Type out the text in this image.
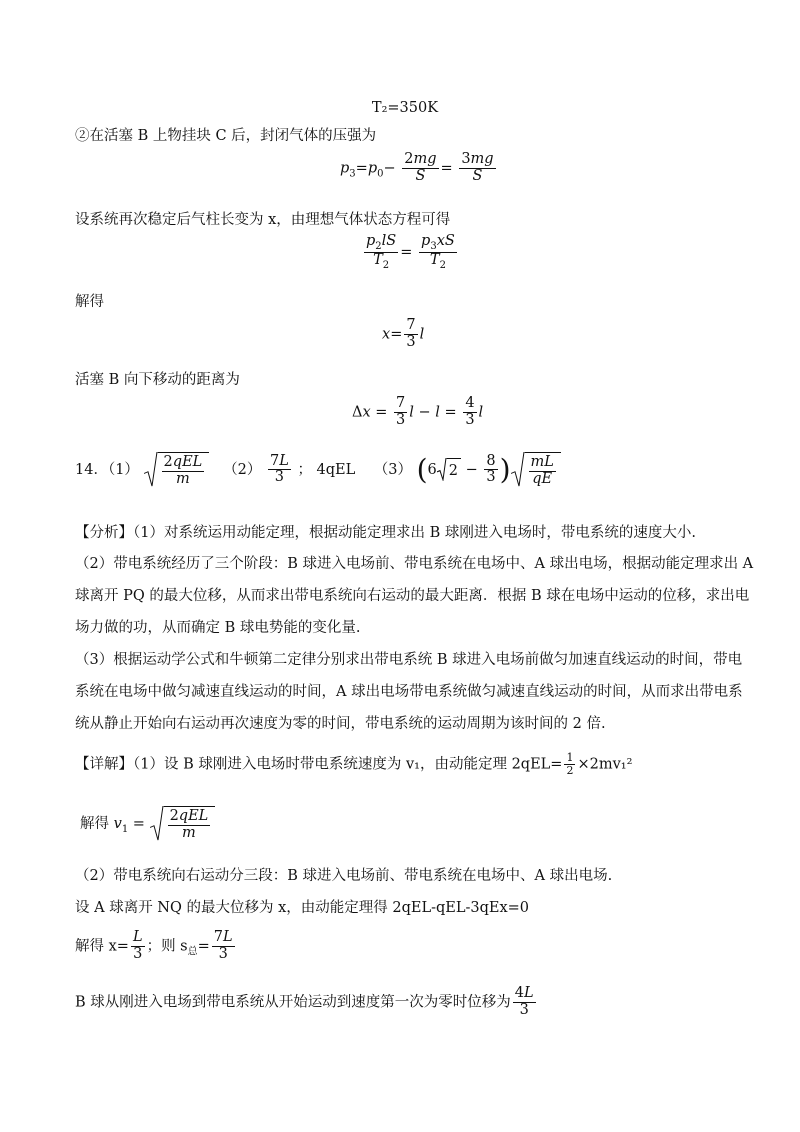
T₂=350K
②在活塞 B 上物挂块 C 后，封闭气体的压强为
$p_3=p_0- \frac{2mg}{S} = \frac{3mg}{S}$
设系统再次稳定后气柱长变为 x，由理想气体状态方程可得
$\frac{p_2lS}{T_2} = \frac{p_3xS}{T_2}$
解得
$x= \frac{7}{3}$ l
活塞 B 向下移动的距离为
$\Delta x = \frac{7}{3}$ $l - l = \frac{4}{3}$ l
14．$(1) \frac{\text{2qEL}}{m} (2) \frac{7L}{3}$ ； 4qEL （3） (6 $2 - \frac{8}{3}$ ) $\frac{mL}{qE}$
【分析】（1）对系统运用动能定理，根据动能定理求出 B 球刚进入电场时，带电系统的速度大小.
（2）带电系统经历了三个阶段：B 球进入电场前、带电系统在电场中、A 球出电场，根据动能定理求出 A
球离开 PQ 的最大位移，从而求出带电系统向右运动的最大距离．根据 B 球在电场中运动的位移，求出电
场力做的功，从而确定 B 球电势能的变化量.
（3）根据运动学公式和牛顿第二定律分别求出带电系统 B 球进入电场前做匀加速直线运动的时间，带电
系统在电场中做匀减速直线运动的时间，A 球出电场带电系统做匀减速直线运动的时间，从而求出带电系
统从静止开始向右运动再次速度为零的时间，带电系统的运动周期为该时间的 2 倍.
【详解】（1）设 B 球刚进入电场时带电系统速度为 v₁，由动能定理 $2qEL= \frac{1}{2} \times 2mv_1^2$
解得 $v_1 = \frac{\text{2qEL}}{m}$
（2）带电系统向右运动分三段：B 球进入电场前、带电系统在电场中、A 球出电场.
设 A 球离开 NQ 的最大位移为 x，由动能定理得 2qEL-qEL-3qEx=0
解得 $x= \frac{L}{3}$ ；则 $s_总= \frac{7L}{3}$
B 球从刚进入电场到带电系统从开始运动到速度第一次为零时位移为 $\frac{4L}{3}$
